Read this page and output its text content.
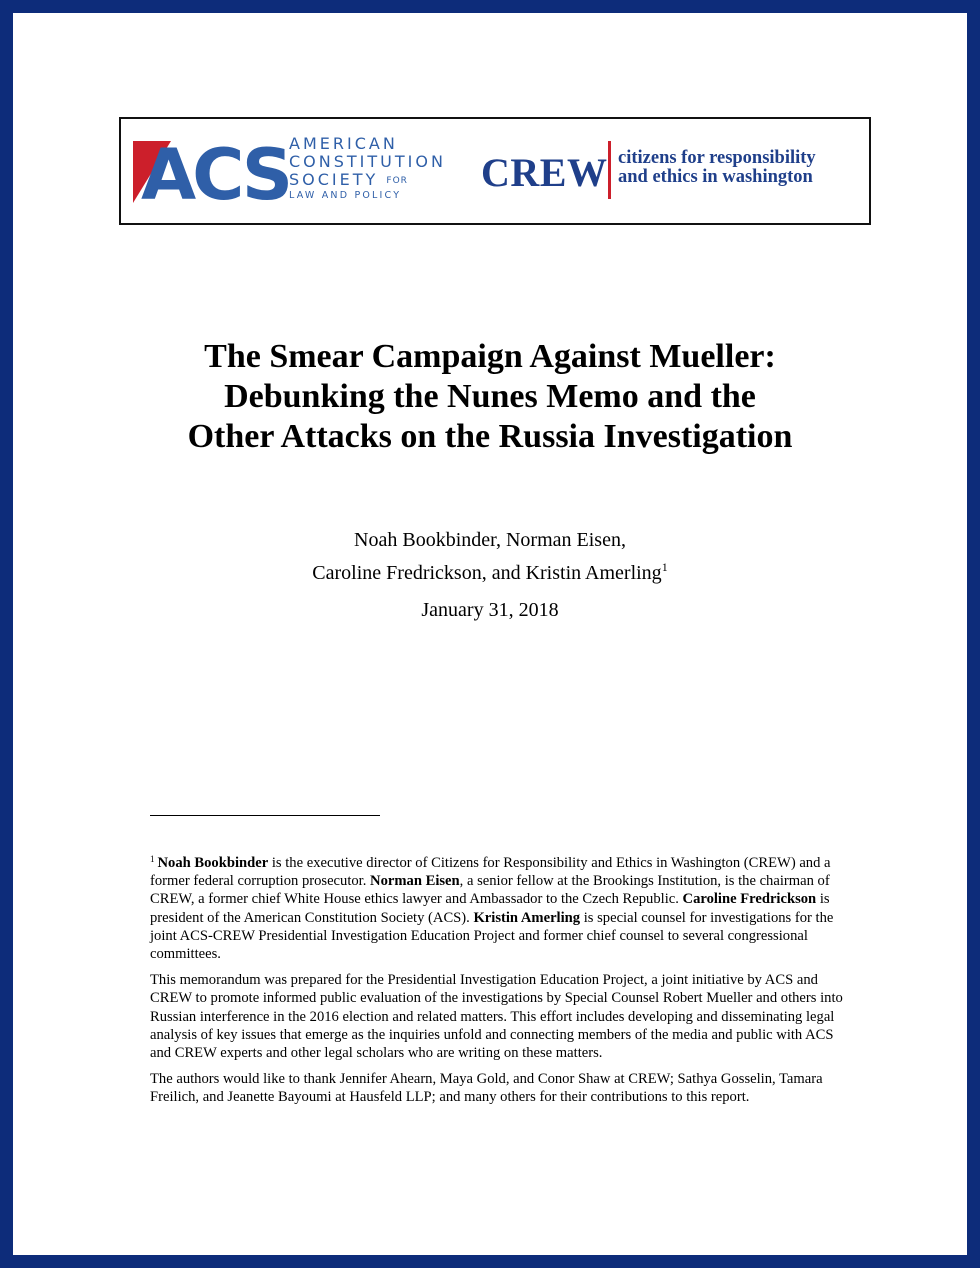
ACS AMERICAN
CONSTITUTION
SOCIETY FOR
LAW AND POLICY
CREW citizens for responsibility
and ethics in washington
The Smear Campaign Against Mueller:
Debunking the Nunes Memo and the
Other Attacks on the Russia Investigation
Noah Bookbinder, Norman Eisen,
Caroline Fredrickson, and Kristin Amerling$^1$
January 31, 2018

$^1$ Noah Bookbinder is the executive director of Citizens for Responsibility and Ethics in Washington (CREW) and a former federal corruption prosecutor. Norman Eisen, a senior fellow at the Brookings Institution, is the chairman of CREW, a former chief White House ethics lawyer and Ambassador to the Czech Republic. Caroline Fredrickson is president of the American Constitution Society (ACS). Kristin Amerling is special counsel for investigations for the joint ACS-CREW Presidential Investigation Education Project and former chief counsel to several congressional committees.

This memorandum was prepared for the Presidential Investigation Education Project, a joint initiative by ACS and CREW to promote informed public evaluation of the investigations by Special Counsel Robert Mueller and others into Russian interference in the 2016 election and related matters. This effort includes developing and disseminating legal analysis of key issues that emerge as the inquiries unfold and connecting members of the media and public with ACS and CREW experts and other legal scholars who are writing on these matters.

The authors would like to thank Jennifer Ahearn, Maya Gold, and Conor Shaw at CREW; Sathya Gosselin, Tamara Freilich, and Jeanette Bayoumi at Hausfeld LLP; and many others for their contributions to this report.
